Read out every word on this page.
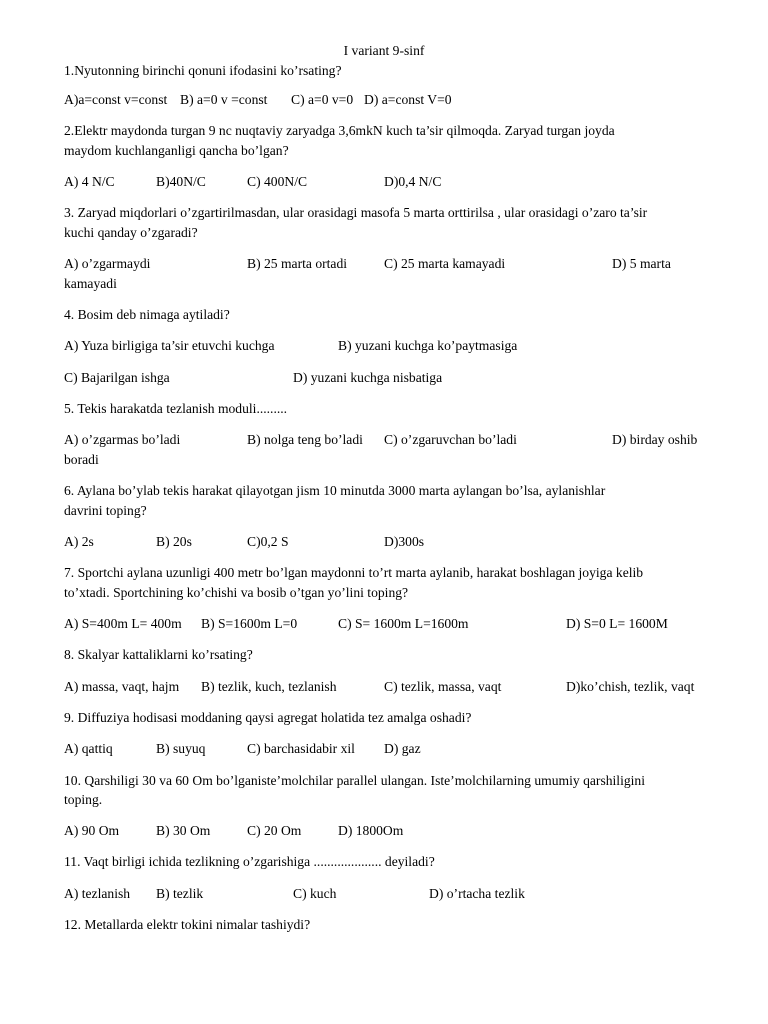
I variant 9-sinf
1.Nyutonning birinchi qonuni ifodasini ko’rsating?
A)a=const v=const B) a=0 v =const C) a=0 v=0 D) a=const V=0
2.Elektr maydonda turgan 9 nc nuqtaviy zaryadga 3,6mkN kuch ta’sir qilmoqda. Zaryad turgan joyda
maydom kuchlanganligi qancha bo’lgan?
A) 4 N/C	B)40N/C	C) 400N/C	D)0,4 N/C
3. Zaryad miqdorlari o’zgartirilmasdan, ular orasidagi masofa 5 marta orttirilsa , ular orasidagi o’zaro ta’sir
kuchi qanday o’zgaradi?
A) o’zgarmaydi	B) 25 marta ortadi	C) 25 marta kamayadi	D) 5 marta
kamayadi
4. Bosim deb nimaga aytiladi?
A) Yuza birligiga ta’sir etuvchi kuchga	B) yuzani kuchga ko’paytmasiga
C) Bajarilgan ishga	D) yuzani kuchga nisbatiga
5. Tekis harakatda tezlanish moduli.........
A) o’zgarmas bo’ladi	B) nolga teng bo’ladi C) o’zgaruvchan bo’ladi	D) birday oshib
boradi
6. Aylana bo’ylab tekis harakat qilayotgan jism 10 minutda 3000 marta aylangan bo’lsa, aylanishlar
davrini toping?
A) 2s	B) 20s	C)0,2 S	D)300s
7. Sportchi aylana uzunligi 400 metr bo’lgan maydonni to’rt marta aylanib, harakat boshlagan joyiga kelib
to’xtadi. Sportchining ko’chishi va bosib o’tgan yo’lini toping?
A) S=400m L= 400m B) S=1600m L=0	C) S= 1600m L=1600m	D) S=0 L= 1600M
8. Skalyar kattaliklarni ko’rsating?
A) massa, vaqt, hajm B) tezlik, kuch, tezlanish	C) tezlik, massa, vaqt	D)ko’chish, tezlik, vaqt
9. Diffuziya hodisasi moddaning qaysi agregat holatida tez amalga oshadi?
A) qattiq	B) suyuq	C) barchasidabir xil D) gaz
10. Qarshiligi 30 va 60 Om bo’lganiste’molchilar parallel ulangan. Iste’molchilarning umumiy qarshiligini
toping.
A) 90 Om	B) 30 Om	C) 20 Om	D) 1800Om
11. Vaqt birligi ichida tezlikning o’zgarishiga .................... deyiladi?
A) tezlanish B) tezlik	C) kuch	D) o’rtacha tezlik
12. Metallarda elektr tokini nimalar tashiydi?
